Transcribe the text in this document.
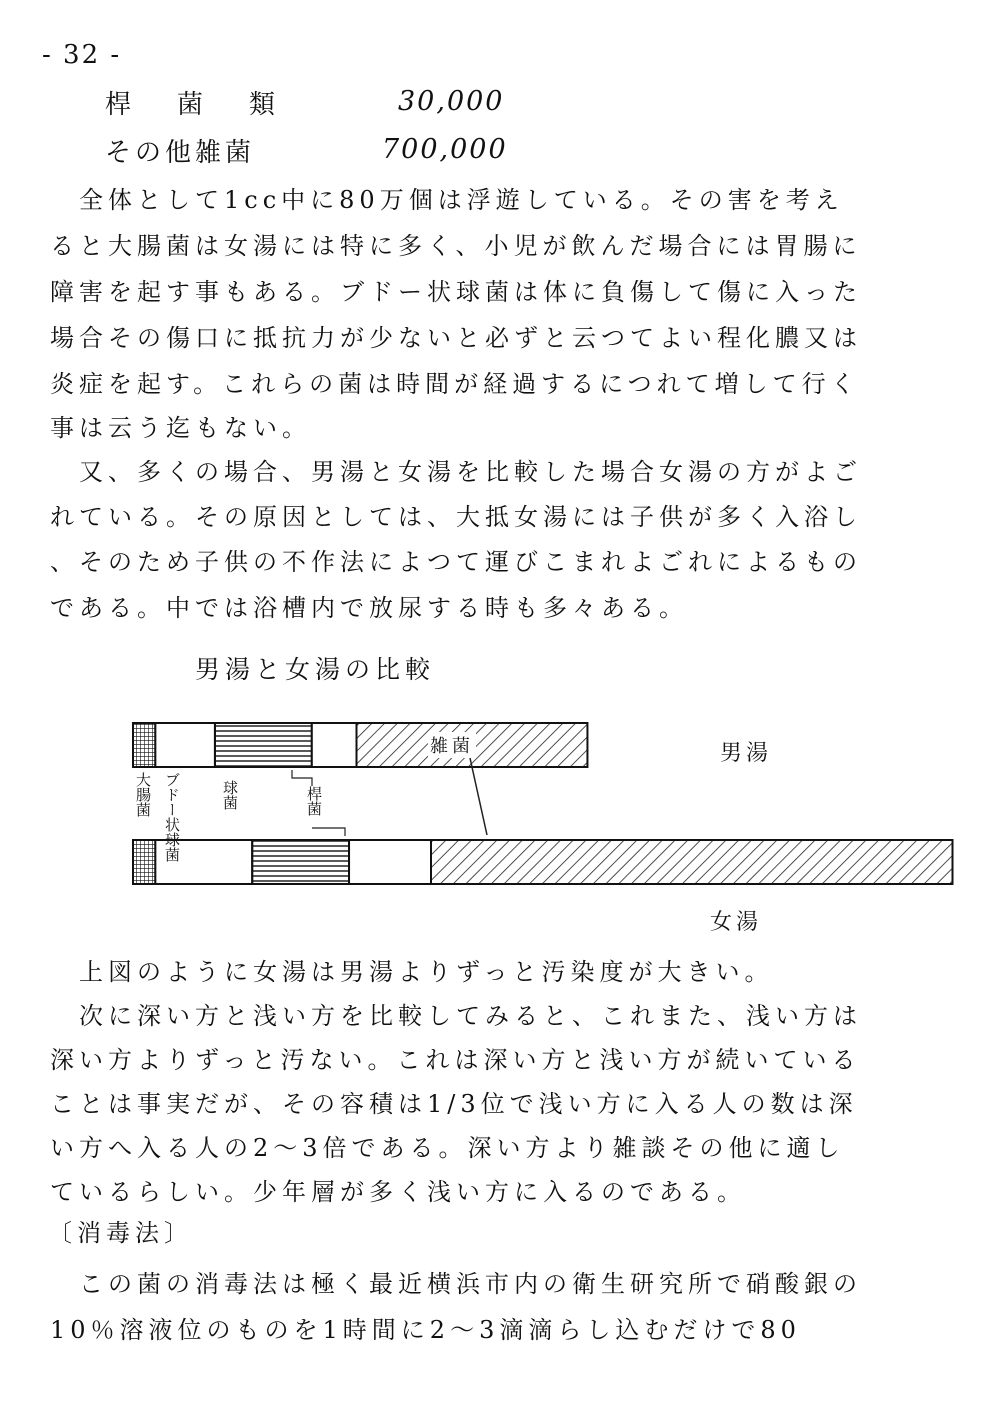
- 32 -
桿　菌　類	30,000
その他雑菌	700,000
　全体として1cc中に80万個は浮遊している。その害を考え
ると大腸菌は女湯には特に多く、小児が飲んだ場合には胃腸に
障害を起す事もある。ブドー状球菌は体に負傷して傷に入った
場合その傷口に抵抗力が少ないと必ずと云つてよい程化膿又は
炎症を起す。これらの菌は時間が経過するにつれて増して行く
事は云う迄もない。
　又、多くの場合、男湯と女湯を比較した場合女湯の方がよご
れている。その原因としては、大抵女湯には子供が多く入浴し
、そのため子供の不作法によつて運びこまれよごれによるもの
である。中では浴槽内で放尿する時も多々ある。
男湯と女湯の比較
男湯
女湯
雑菌
大腸菌 ブドー状球菌	球菌	桿菌
　上図のように女湯は男湯よりずっと汚染度が大きい。
　次に深い方と浅い方を比較してみると、これまた、浅い方は
深い方よりずっと汚ない。これは深い方と浅い方が続いている
ことは事実だが、その容積は1/3位で浅い方に入る人の数は深
い方へ入る人の2～3倍である。深い方より雑談その他に適し
ているらしい。少年層が多く浅い方に入るのである。
〔消毒法〕
　この菌の消毒法は極く最近横浜市内の衛生研究所で硝酸銀の
10％溶液位のものを1時間に2～3滴滴らし込むだけで80
